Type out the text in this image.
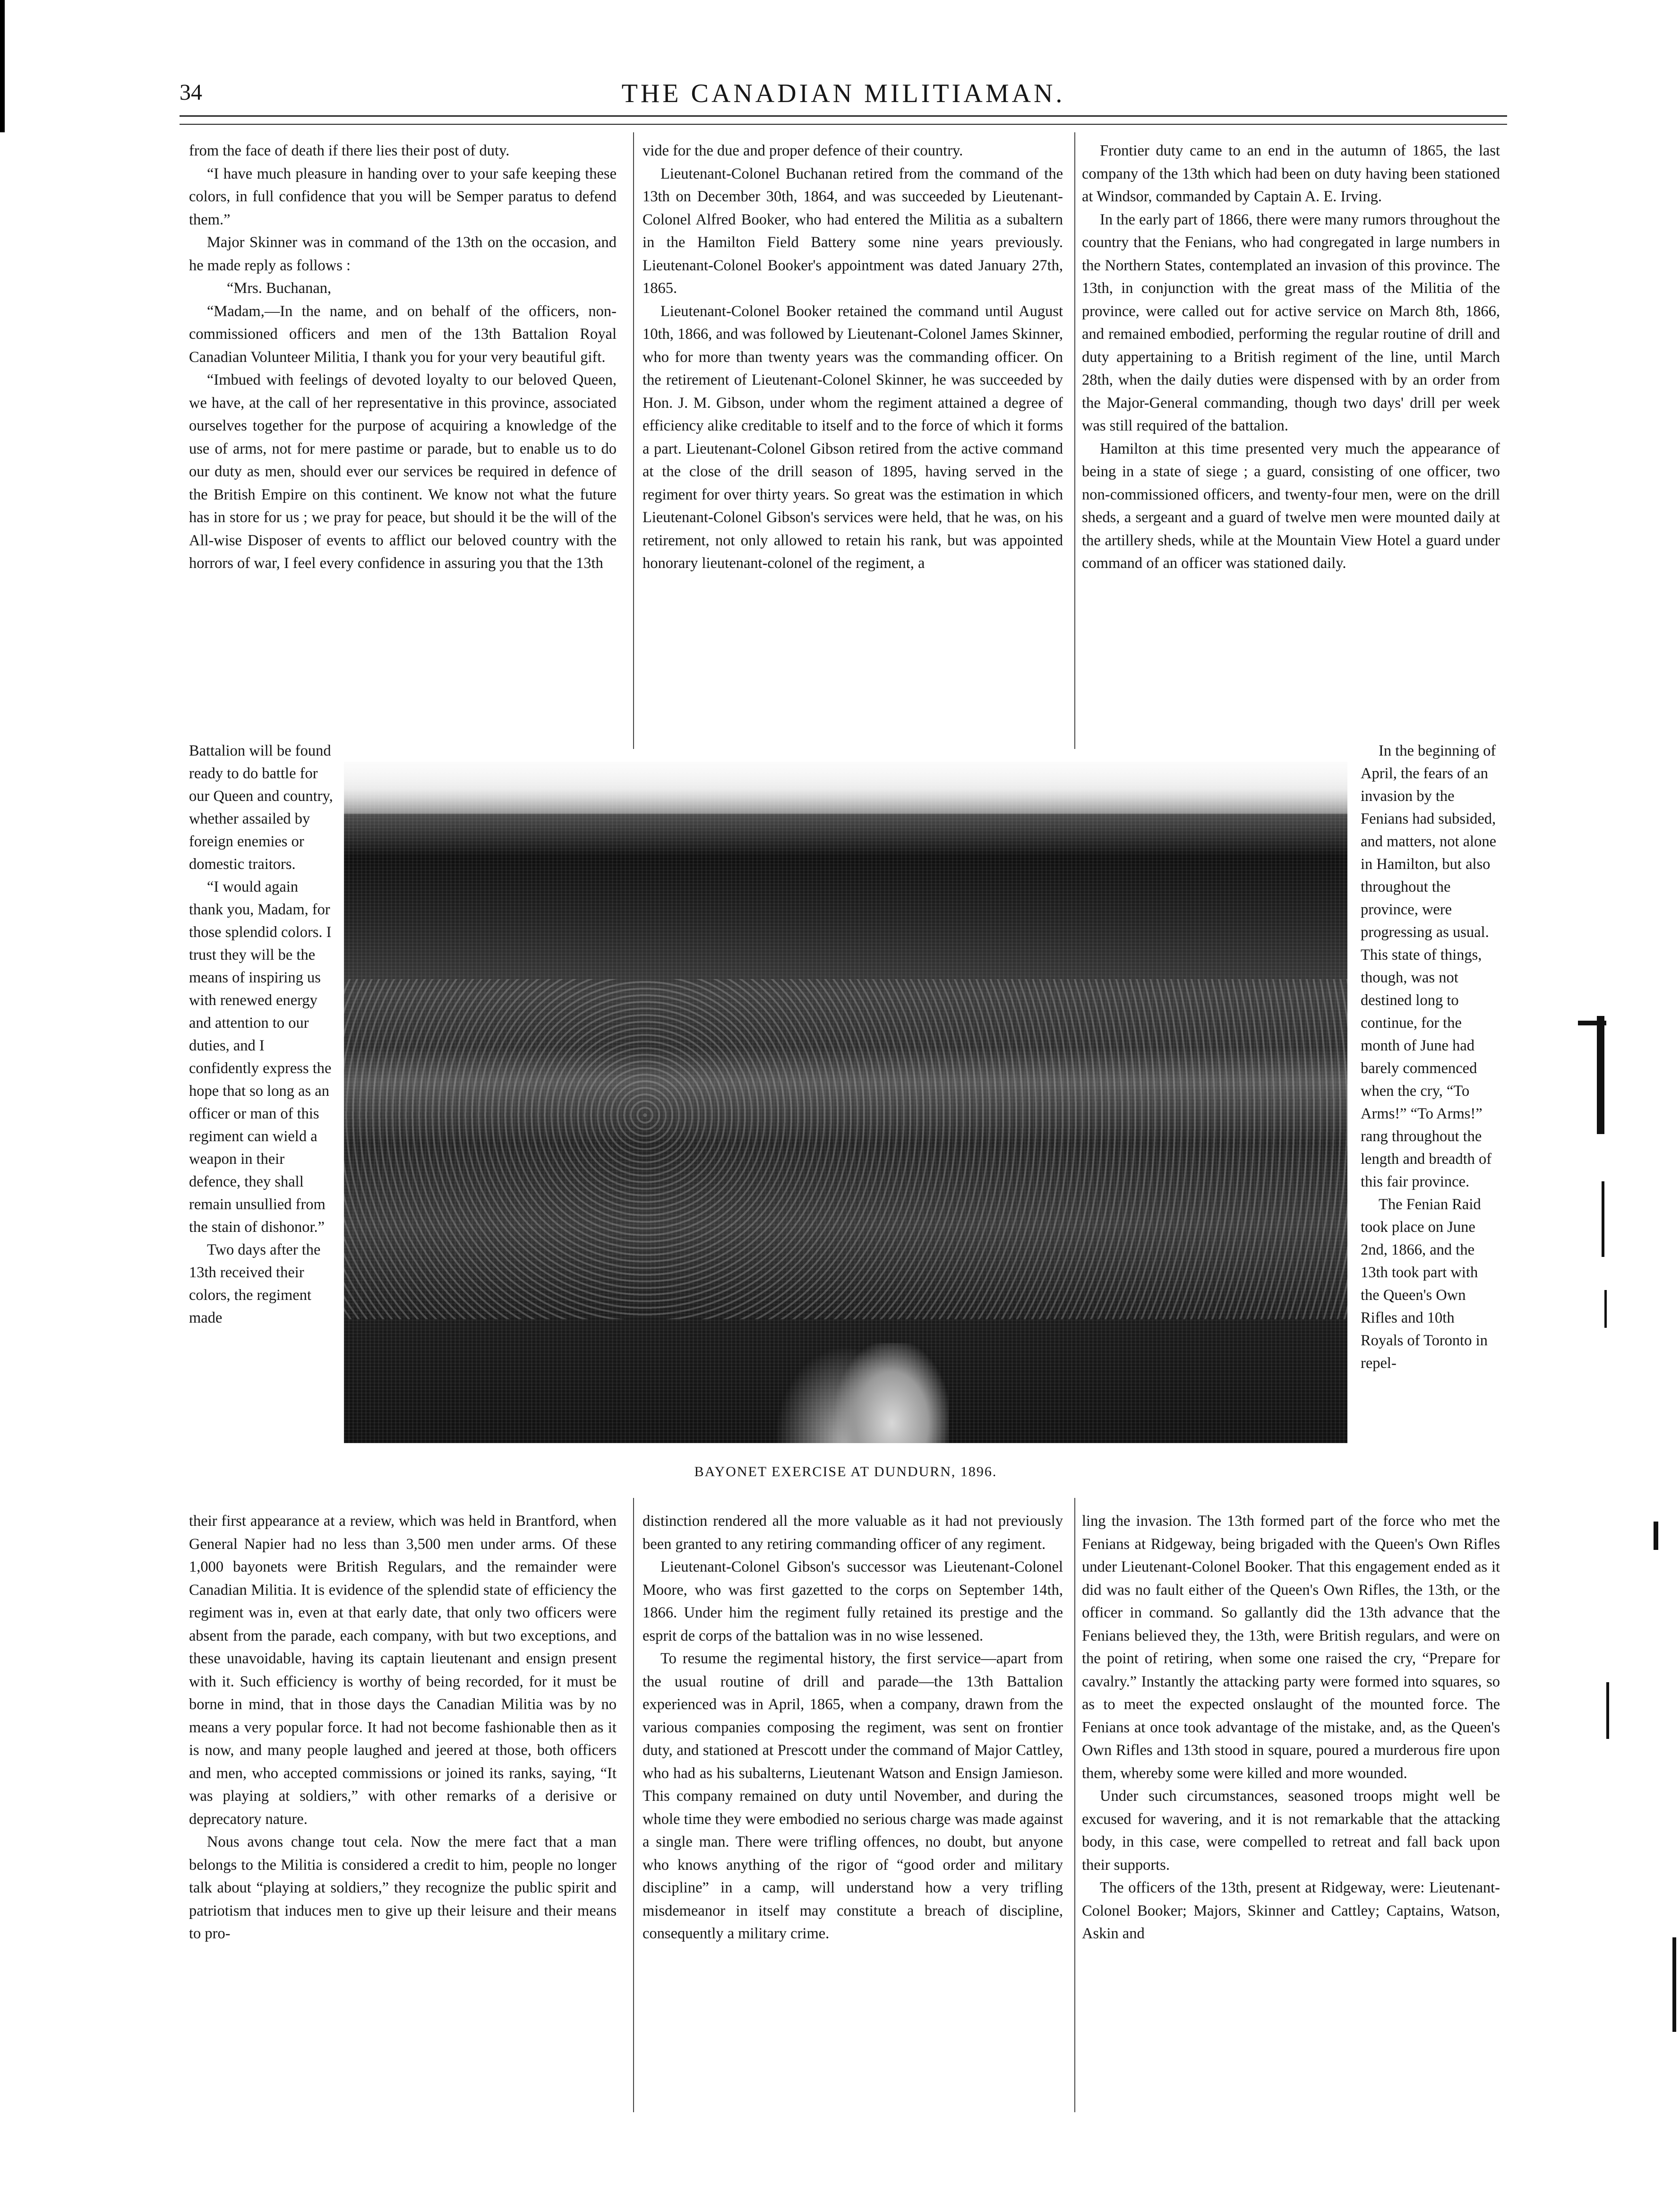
34	THE CANADIAN MILITIAMAN.

from the face of death if there lies their post of duty.

“I have much pleasure in handing over to your safe keeping these colors, in full confidence that you will be Semper paratus to defend them.”

Major Skinner was in command of the 13th on the occasion, and he made reply as follows :

“Mrs. Buchanan,

“Madam,—In the name, and on behalf of the officers, non-commissioned officers and men of the 13th Battalion Royal Canadian Volunteer Militia, I thank you for your very beautiful gift.

“Imbued with feelings of devoted loyalty to our beloved Queen, we have, at the call of her representative in this province, associated ourselves together for the purpose of acquiring a knowledge of the use of arms, not for mere pastime or parade, but to enable us to do our duty as men, should ever our services be required in defence of the British Empire on this continent. We know not what the future has in store for us ; we pray for peace, but should it be the will of the All-wise Disposer of events to afflict our beloved country with the horrors of war, I feel every confidence in assuring you that the 13th

Battalion will be found ready to do battle for our Queen and country, whether assailed by foreign enemies or domestic traitors.

“I would again thank you, Madam, for those splendid colors. I trust they will be the means of inspiring us with renewed energy and attention to our duties, and I confidently express the hope that so long as an officer or man of this regiment can wield a weapon in their defence, they shall remain unsullied from the stain of dishonor.”

Two days after the 13th received their colors, the regiment made

their first appearance at a review, which was held in Brantford, when General Napier had no less than 3,500 men under arms. Of these 1,000 bayonets were British Regulars, and the remainder were Canadian Militia. It is evidence of the splendid state of efficiency the regiment was in, even at that early date, that only two officers were absent from the parade, each company, with but two exceptions, and these unavoidable, having its captain lieutenant and ensign present with it. Such efficiency is worthy of being recorded, for it must be borne in mind, that in those days the Canadian Militia was by no means a very popular force. It had not become fashionable then as it is now, and many people laughed and jeered at those, both officers and men, who accepted commissions or joined its ranks, saying, “It was playing at soldiers,” with other remarks of a derisive or deprecatory nature.

Nous avons change tout cela. Now the mere fact that a man belongs to the Militia is considered a credit to him, people no longer talk about “playing at soldiers,” they recognize the public spirit and patriotism that induces men to give up their leisure and their means to pro-

vide for the due and proper defence of their country.

Lieutenant-Colonel Buchanan retired from the command of the 13th on December 30th, 1864, and was succeeded by Lieutenant-Colonel Alfred Booker, who had entered the Militia as a subaltern in the Hamilton Field Battery some nine years previously. Lieutenant-Colonel Booker's appointment was dated January 27th, 1865.

Lieutenant-Colonel Booker retained the command until August 10th, 1866, and was followed by Lieutenant-Colonel James Skinner, who for more than twenty years was the commanding officer. On the retirement of Lieutenant-Colonel Skinner, he was succeeded by Hon. J. M. Gibson, under whom the regiment attained a degree of efficiency alike creditable to itself and to the force of which it forms a part. Lieutenant-Colonel Gibson retired from the active command at the close of the drill season of 1895, having served in the regiment for over thirty years. So great was the estimation in which Lieutenant-Colonel Gibson's services were held, that he was, on his retirement, not only allowed to retain his rank, but was appointed honorary lieutenant-colonel of the regiment, a

distinction rendered all the more valuable as it had not previously been granted to any retiring commanding officer of any regiment.

Lieutenant-Colonel Gibson's successor was Lieutenant-Colonel Moore, who was first gazetted to the corps on September 14th, 1866. Under him the regiment fully retained its prestige and the esprit de corps of the battalion was in no wise lessened.

To resume the regimental history, the first service—apart from the usual routine of drill and parade—the 13th Battalion experienced was in April, 1865, when a company, drawn from the various companies composing the regiment, was sent on frontier duty, and stationed at Prescott under the command of Major Cattley, who had as his subalterns, Lieutenant Watson and Ensign Jamieson. This company remained on duty until November, and during the whole time they were embodied no serious charge was made against a single man. There were trifling offences, no doubt, but anyone who knows anything of the rigor of “good order and military discipline” in a camp, will understand how a very trifling misdemeanor in itself may constitute a breach of discipline, consequently a military crime.

Frontier duty came to an end in the autumn of 1865, the last company of the 13th which had been on duty having been stationed at Windsor, commanded by Captain A. E. Irving.

In the early part of 1866, there were many rumors throughout the country that the Fenians, who had congregated in large numbers in the Northern States, contemplated an invasion of this province. The 13th, in conjunction with the great mass of the Militia of the province, were called out for active service on March 8th, 1866, and remained embodied, performing the regular routine of drill and duty appertaining to a British regiment of the line, until March 28th, when the daily duties were dispensed with by an order from the Major-General commanding, though two days' drill per week was still required of the battalion.

Hamilton at this time presented very much the appearance of being in a state of siege ; a guard, consisting of one officer, two non-commissioned officers, and twenty-four men, were on the drill sheds, a sergeant and a guard of twelve men were mounted daily at the artillery sheds, while at the Mountain View Hotel a guard under command of an officer was stationed daily.

In the beginning of April, the fears of an invasion by the Fenians had subsided, and matters, not alone in Hamilton, but also throughout the province, were progressing as usual. This state of things, though, was not destined long to continue, for the month of June had barely commenced when the cry, “To Arms!” “To Arms!” rang throughout the length and breadth of this fair province.

The Fenian Raid took place on June 2nd, 1866, and the 13th took part with the Queen's Own Rifles and 10th Royals of Toronto in repel-

ling the invasion. The 13th formed part of the force who met the Fenians at Ridgeway, being brigaded with the Queen's Own Rifles under Lieutenant-Colonel Booker. That this engagement ended as it did was no fault either of the Queen's Own Rifles, the 13th, or the officer in command. So gallantly did the 13th advance that the Fenians believed they, the 13th, were British regulars, and were on the point of retiring, when some one raised the cry, “Prepare for cavalry.” Instantly the attacking party were formed into squares, so as to meet the expected onslaught of the mounted force. The Fenians at once took advantage of the mistake, and, as the Queen's Own Rifles and 13th stood in square, poured a murderous fire upon them, whereby some were killed and more wounded.

Under such circumstances, seasoned troops might well be excused for wavering, and it is not remarkable that the attacking body, in this case, were compelled to retreat and fall back upon their supports.

The officers of the 13th, present at Ridgeway, were: Lieutenant-Colonel Booker; Majors, Skinner and Cattley; Captains, Watson, Askin and

BAYONET EXERCISE AT DUNDURN, 1896.
